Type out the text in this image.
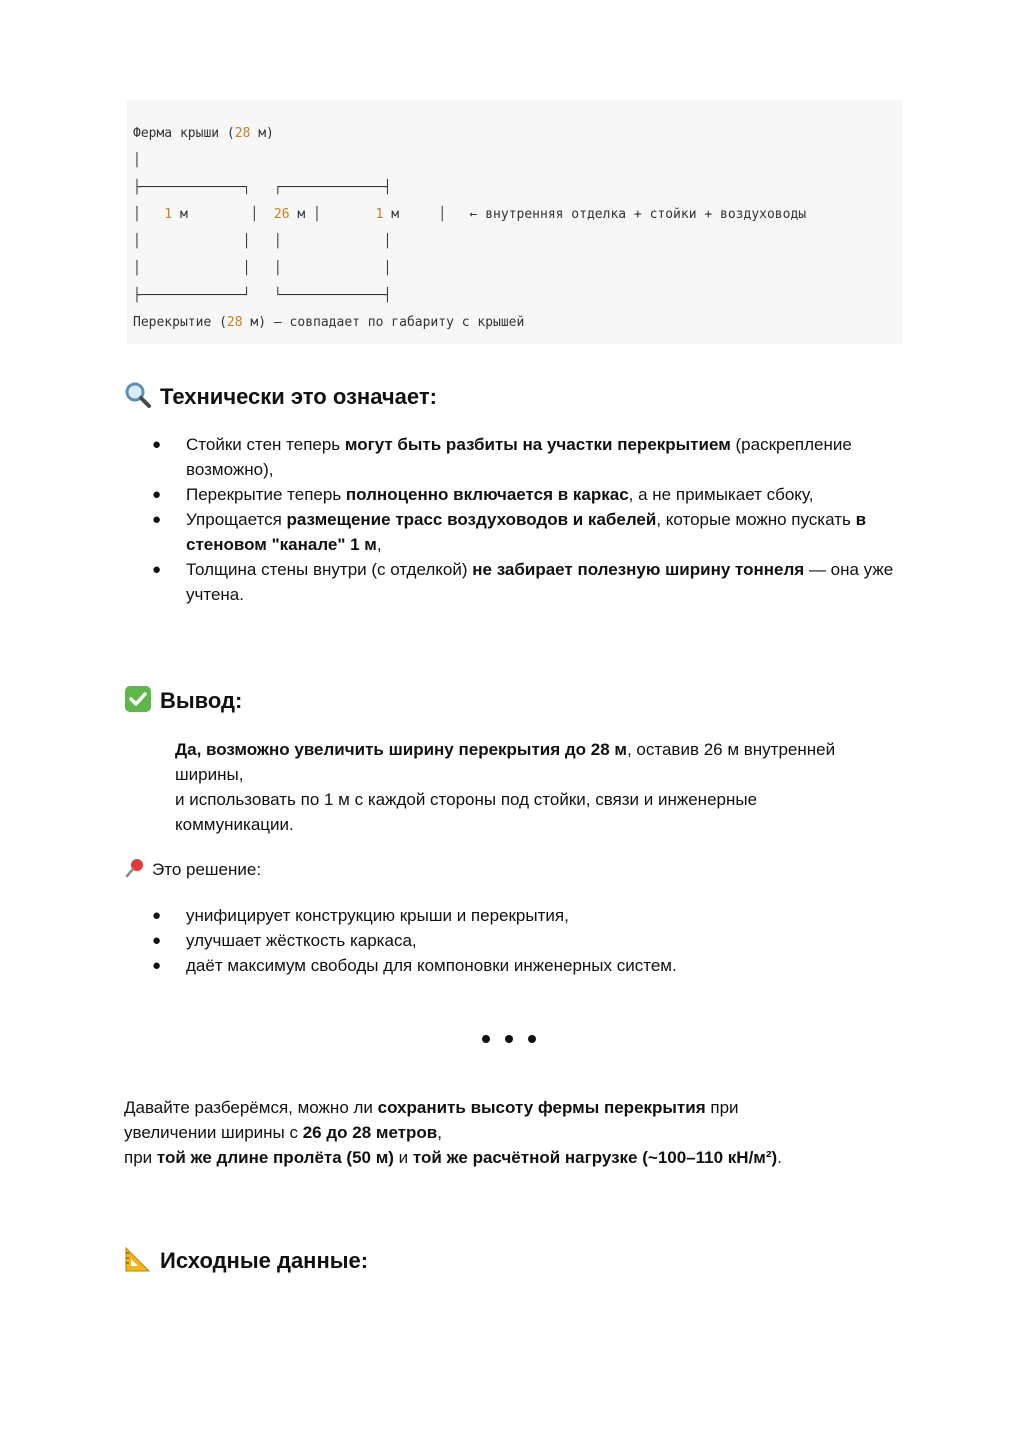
Ферма крыши (28 м)
│
├─────────────┐   ┌─────────────┤
│   1 м        │  26 м │       1 м     │   ← внутренняя отделка + стойки + воздуховоды
│             │   │             │
│             │   │             │
├─────────────┘   └─────────────┤
Перекрытие (28 м) — совпадает по габариту с крышей
Технически это означает:
● Стойки стен теперь могут быть разбиты на участки перекрытием (раскрепление возможно),
● Перекрытие теперь полноценно включается в каркас, а не примыкает сбоку,
● Упрощается размещение трасс воздуховодов и кабелей, которые можно пускать в стеновом "канале" 1 м,
● Толщина стены внутри (с отделкой) не забирает полезную ширину тоннеля — она уже учтена.
Вывод:

Да, возможно увеличить ширину перекрытия до 28 м, оставив 26 м внутренней ширины,
и использовать по 1 м с каждой стороны под стойки, связи и инженерные коммуникации.

Это решение:

● унифицирует конструкцию крыши и перекрытия,
● улучшает жёсткость каркаса,
● даёт максимум свободы для компоновки инженерных систем.

Давайте разберёмся, можно ли сохранить высоту фермы перекрытия при увеличении ширины с 26 до 28 метров,
при той же длине пролёта (50 м) и той же расчётной нагрузке (~100–110 кН/м²).

Исходные данные:
